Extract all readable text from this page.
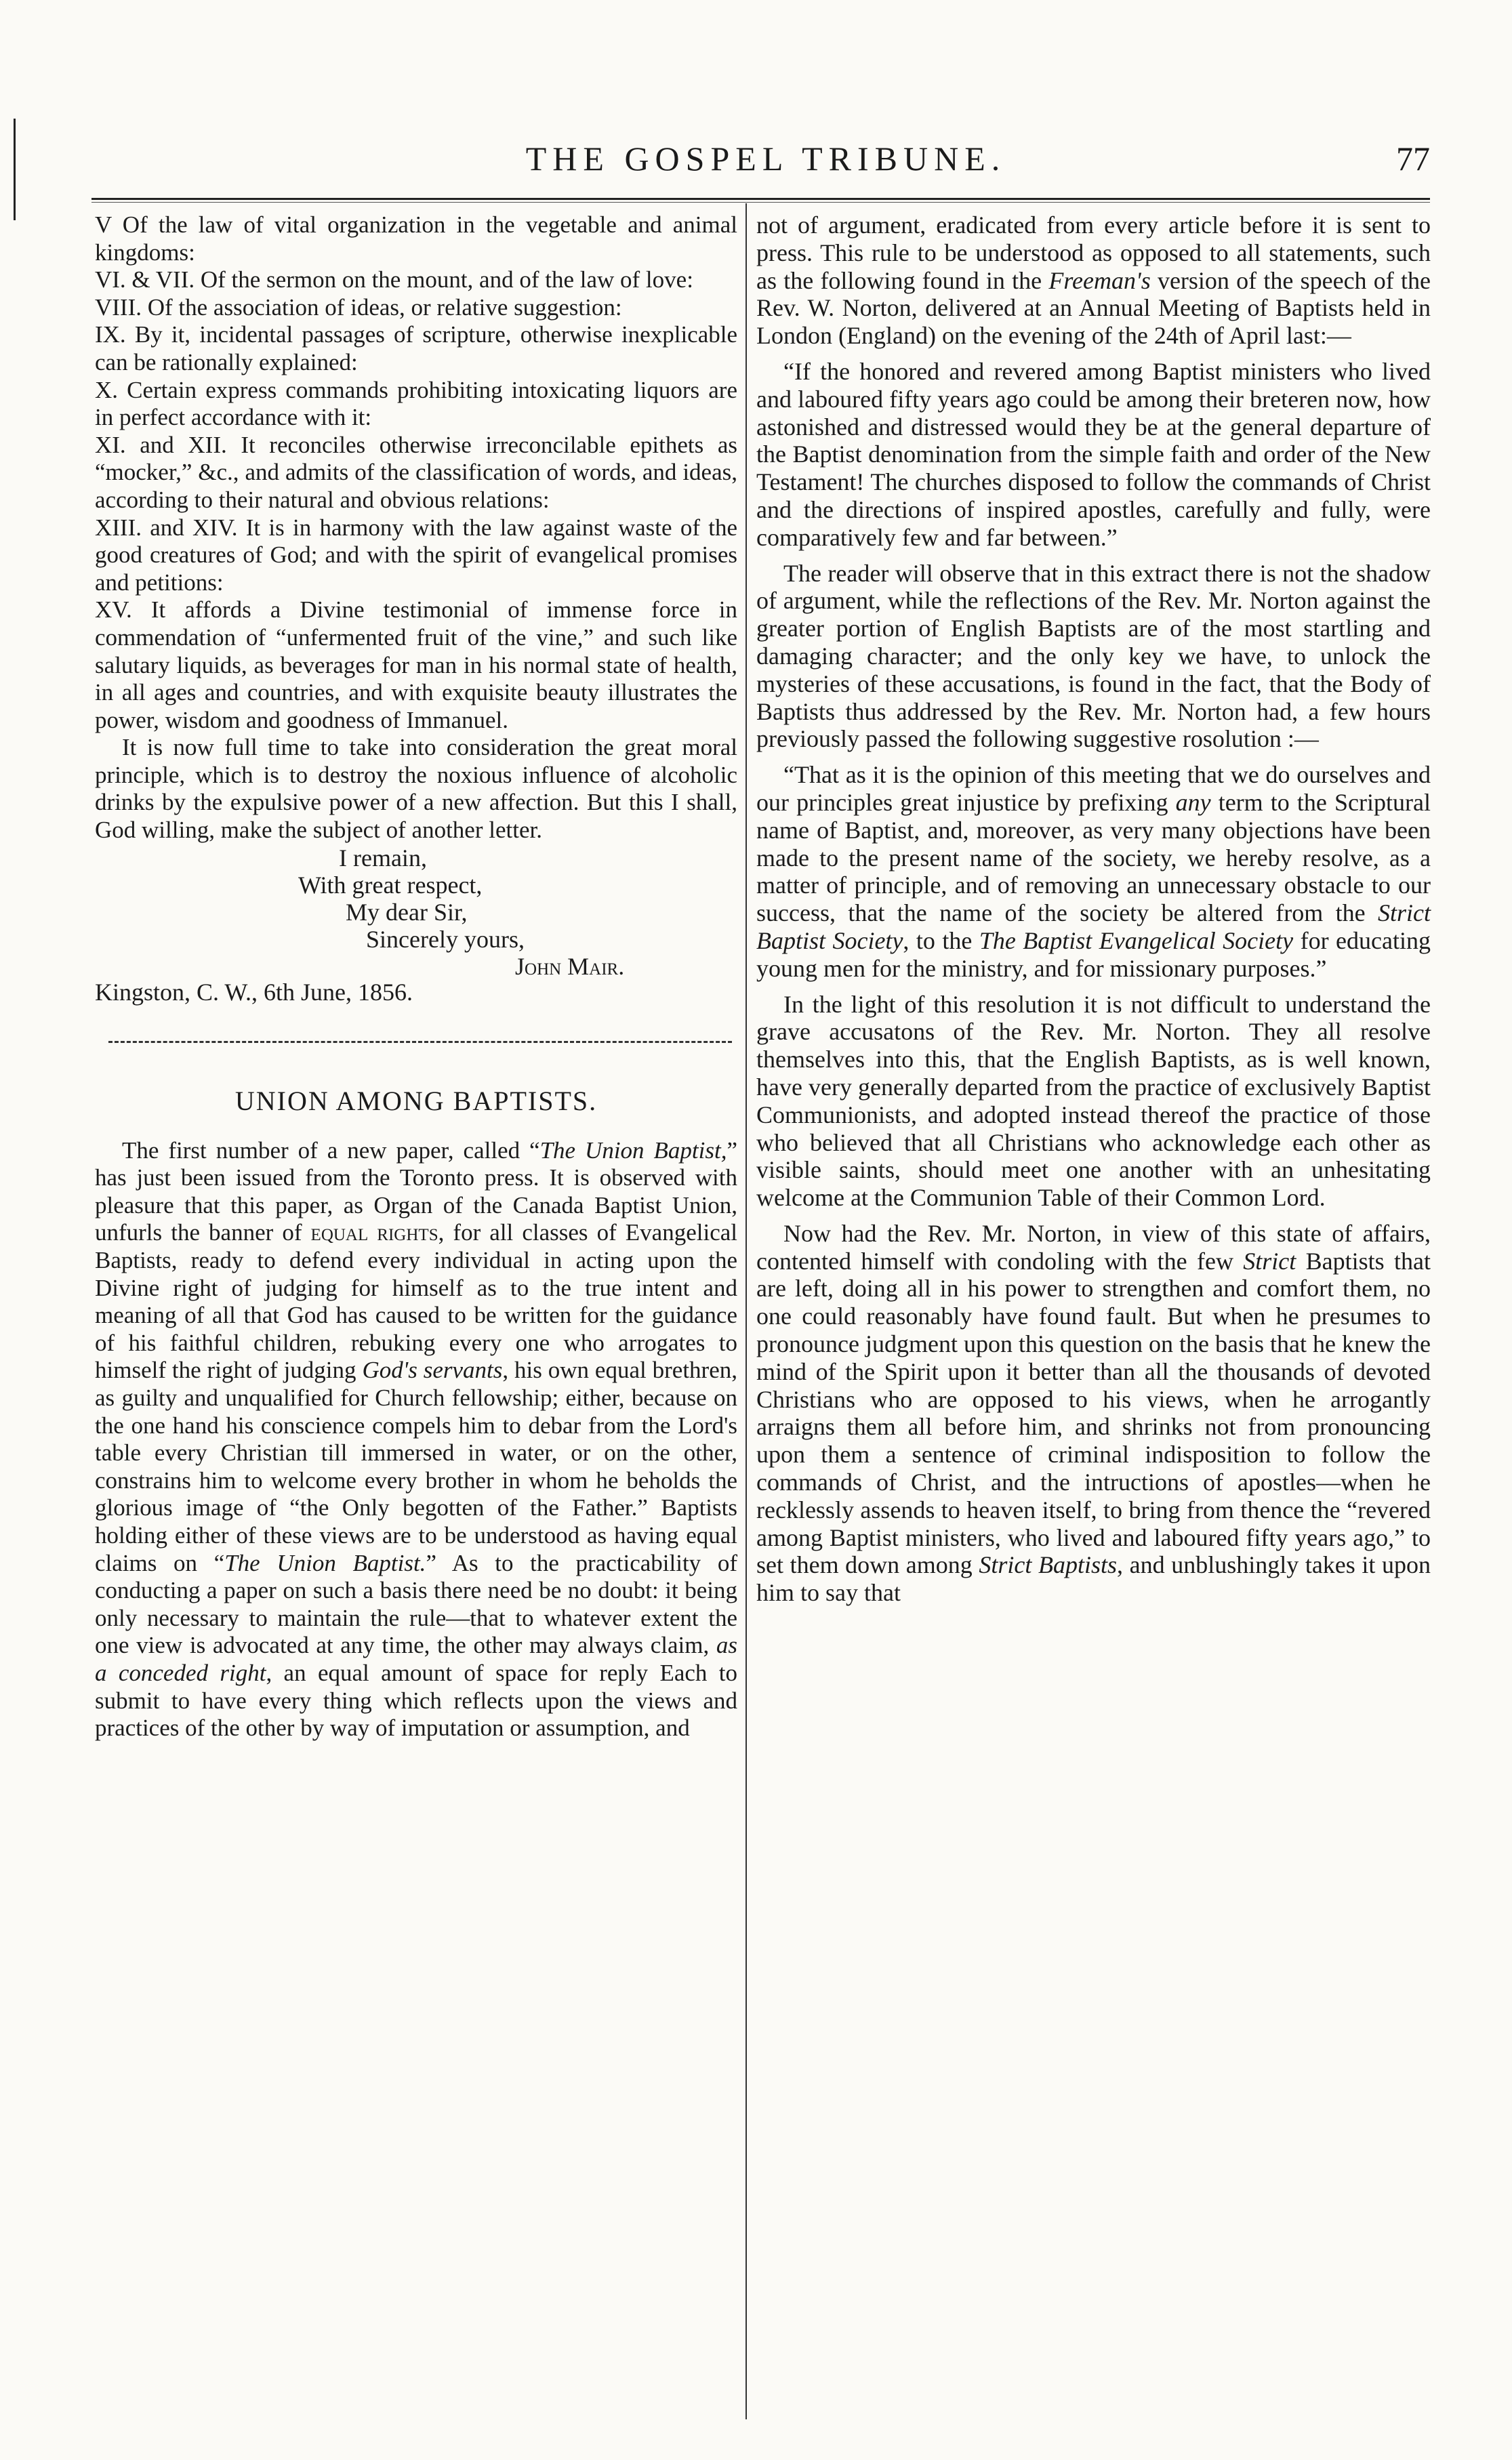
THE GOSPEL TRIBUNE.	77

V Of the law of vital organization in the vegetable and animal kingdoms:

VI. & VII. Of the sermon on the mount, and of the law of love:

VIII. Of the association of ideas, or relative suggestion:

IX. By it, incidental passages of scripture, otherwise inexplicable can be rationally explained:

X. Certain express commands prohibiting intoxicating liquors are in perfect accordance with it:

XI. and XII. It reconciles otherwise irreconcilable epithets as “mocker,” &c., and admits of the classification of words, and ideas, according to their natural and obvious relations:

XIII. and XIV. It is in harmony with the law against waste of the good creatures of God; and with the spirit of evangelical promises and petitions:

XV. It affords a Divine testimonial of immense force in commendation of “unfermented fruit of the vine,” and such like salutary liquids, as beverages for man in his normal state of health, in all ages and countries, and with exquisite beauty illustrates the power, wisdom and goodness of Immanuel.

It is now full time to take into consideration the great moral principle, which is to destroy the noxious influence of alcoholic drinks by the expulsive power of a new affection. But this I shall, God willing, make the subject of another letter.

I remain,
With great respect,
My dear Sir,
Sincerely yours,
John Mair.
Kingston, C. W., 6th June, 1856.
UNION AMONG BAPTISTS.

The first number of a new paper, called “The Union Baptist,” has just been issued from the Toronto press. It is observed with pleasure that this paper, as Organ of the Canada Baptist Union, unfurls the banner of equal rights, for all classes of Evangelical Baptists, ready to defend every individual in acting upon the Divine right of judging for himself as to the true intent and meaning of all that God has caused to be written for the guidance of his faithful children, rebuking every one who arrogates to himself the right of judging God's servants, his own equal brethren, as guilty and unqualified for Church fellowship; either, because on the one hand his conscience compels him to debar from the Lord's table every Christian till immersed in water, or on the other, constrains him to welcome every brother in whom he beholds the glorious image of “the Only begotten of the Father.” Baptists holding either of these views are to be understood as having equal claims on “The Union Baptist.” As to the practicability of conducting a paper on such a basis there need be no doubt: it being only necessary to maintain the rule—that to whatever extent the one view is advocated at any time, the other may always claim, as a conceded right, an equal amount of space for reply Each to submit to have every thing which reflects upon the views and practices of the other by way of imputation or assumption, and

not of argument, eradicated from every article before it is sent to press. This rule to be understood as opposed to all statements, such as the following found in the Freeman's version of the speech of the Rev. W. Norton, delivered at an Annual Meeting of Baptists held in London (England) on the evening of the 24th of April last:—

“If the honored and revered among Baptist ministers who lived and laboured fifty years ago could be among their breteren now, how astonished and distressed would they be at the general departure of the Baptist denomination from the simple faith and order of the New Testament! The churches disposed to follow the commands of Christ and the directions of inspired apostles, carefully and fully, were comparatively few and far between.”

The reader will observe that in this extract there is not the shadow of argument, while the reflections of the Rev. Mr. Norton against the greater portion of English Baptists are of the most startling and damaging character; and the only key we have, to unlock the mysteries of these accusations, is found in the fact, that the Body of Baptists thus addressed by the Rev. Mr. Norton had, a few hours previously passed the following suggestive rosolution :—

“That as it is the opinion of this meeting that we do ourselves and our principles great injustice by prefixing any term to the Scriptural name of Baptist, and, moreover, as very many objections have been made to the present name of the society, we hereby resolve, as a matter of principle, and of removing an unnecessary obstacle to our success, that the name of the society be altered from the Strict Baptist Society, to the The Baptist Evangelical Society for educating young men for the ministry, and for missionary purposes.”

In the light of this resolution it is not difficult to understand the grave accusatons of the Rev. Mr. Norton. They all resolve themselves into this, that the English Baptists, as is well known, have very generally departed from the practice of exclusively Baptist Communionists, and adopted instead thereof the practice of those who believed that all Christians who acknowledge each other as visible saints, should meet one another with an unhesitating welcome at the Communion Table of their Common Lord.

Now had the Rev. Mr. Norton, in view of this state of affairs, contented himself with condoling with the few Strict Baptists that are left, doing all in his power to strengthen and comfort them, no one could reasonably have found fault. But when he presumes to pronounce judgment upon this question on the basis that he knew the mind of the Spirit upon it better than all the thousands of devoted Christians who are opposed to his views, when he arrogantly arraigns them all before him, and shrinks not from pronouncing upon them a sentence of criminal indisposition to follow the commands of Christ, and the intructions of apostles—when he recklessly assends to heaven itself, to bring from thence the “revered among Baptist ministers, who lived and laboured fifty years ago,” to set them down among Strict Baptists, and unblushingly takes it upon him to say that
